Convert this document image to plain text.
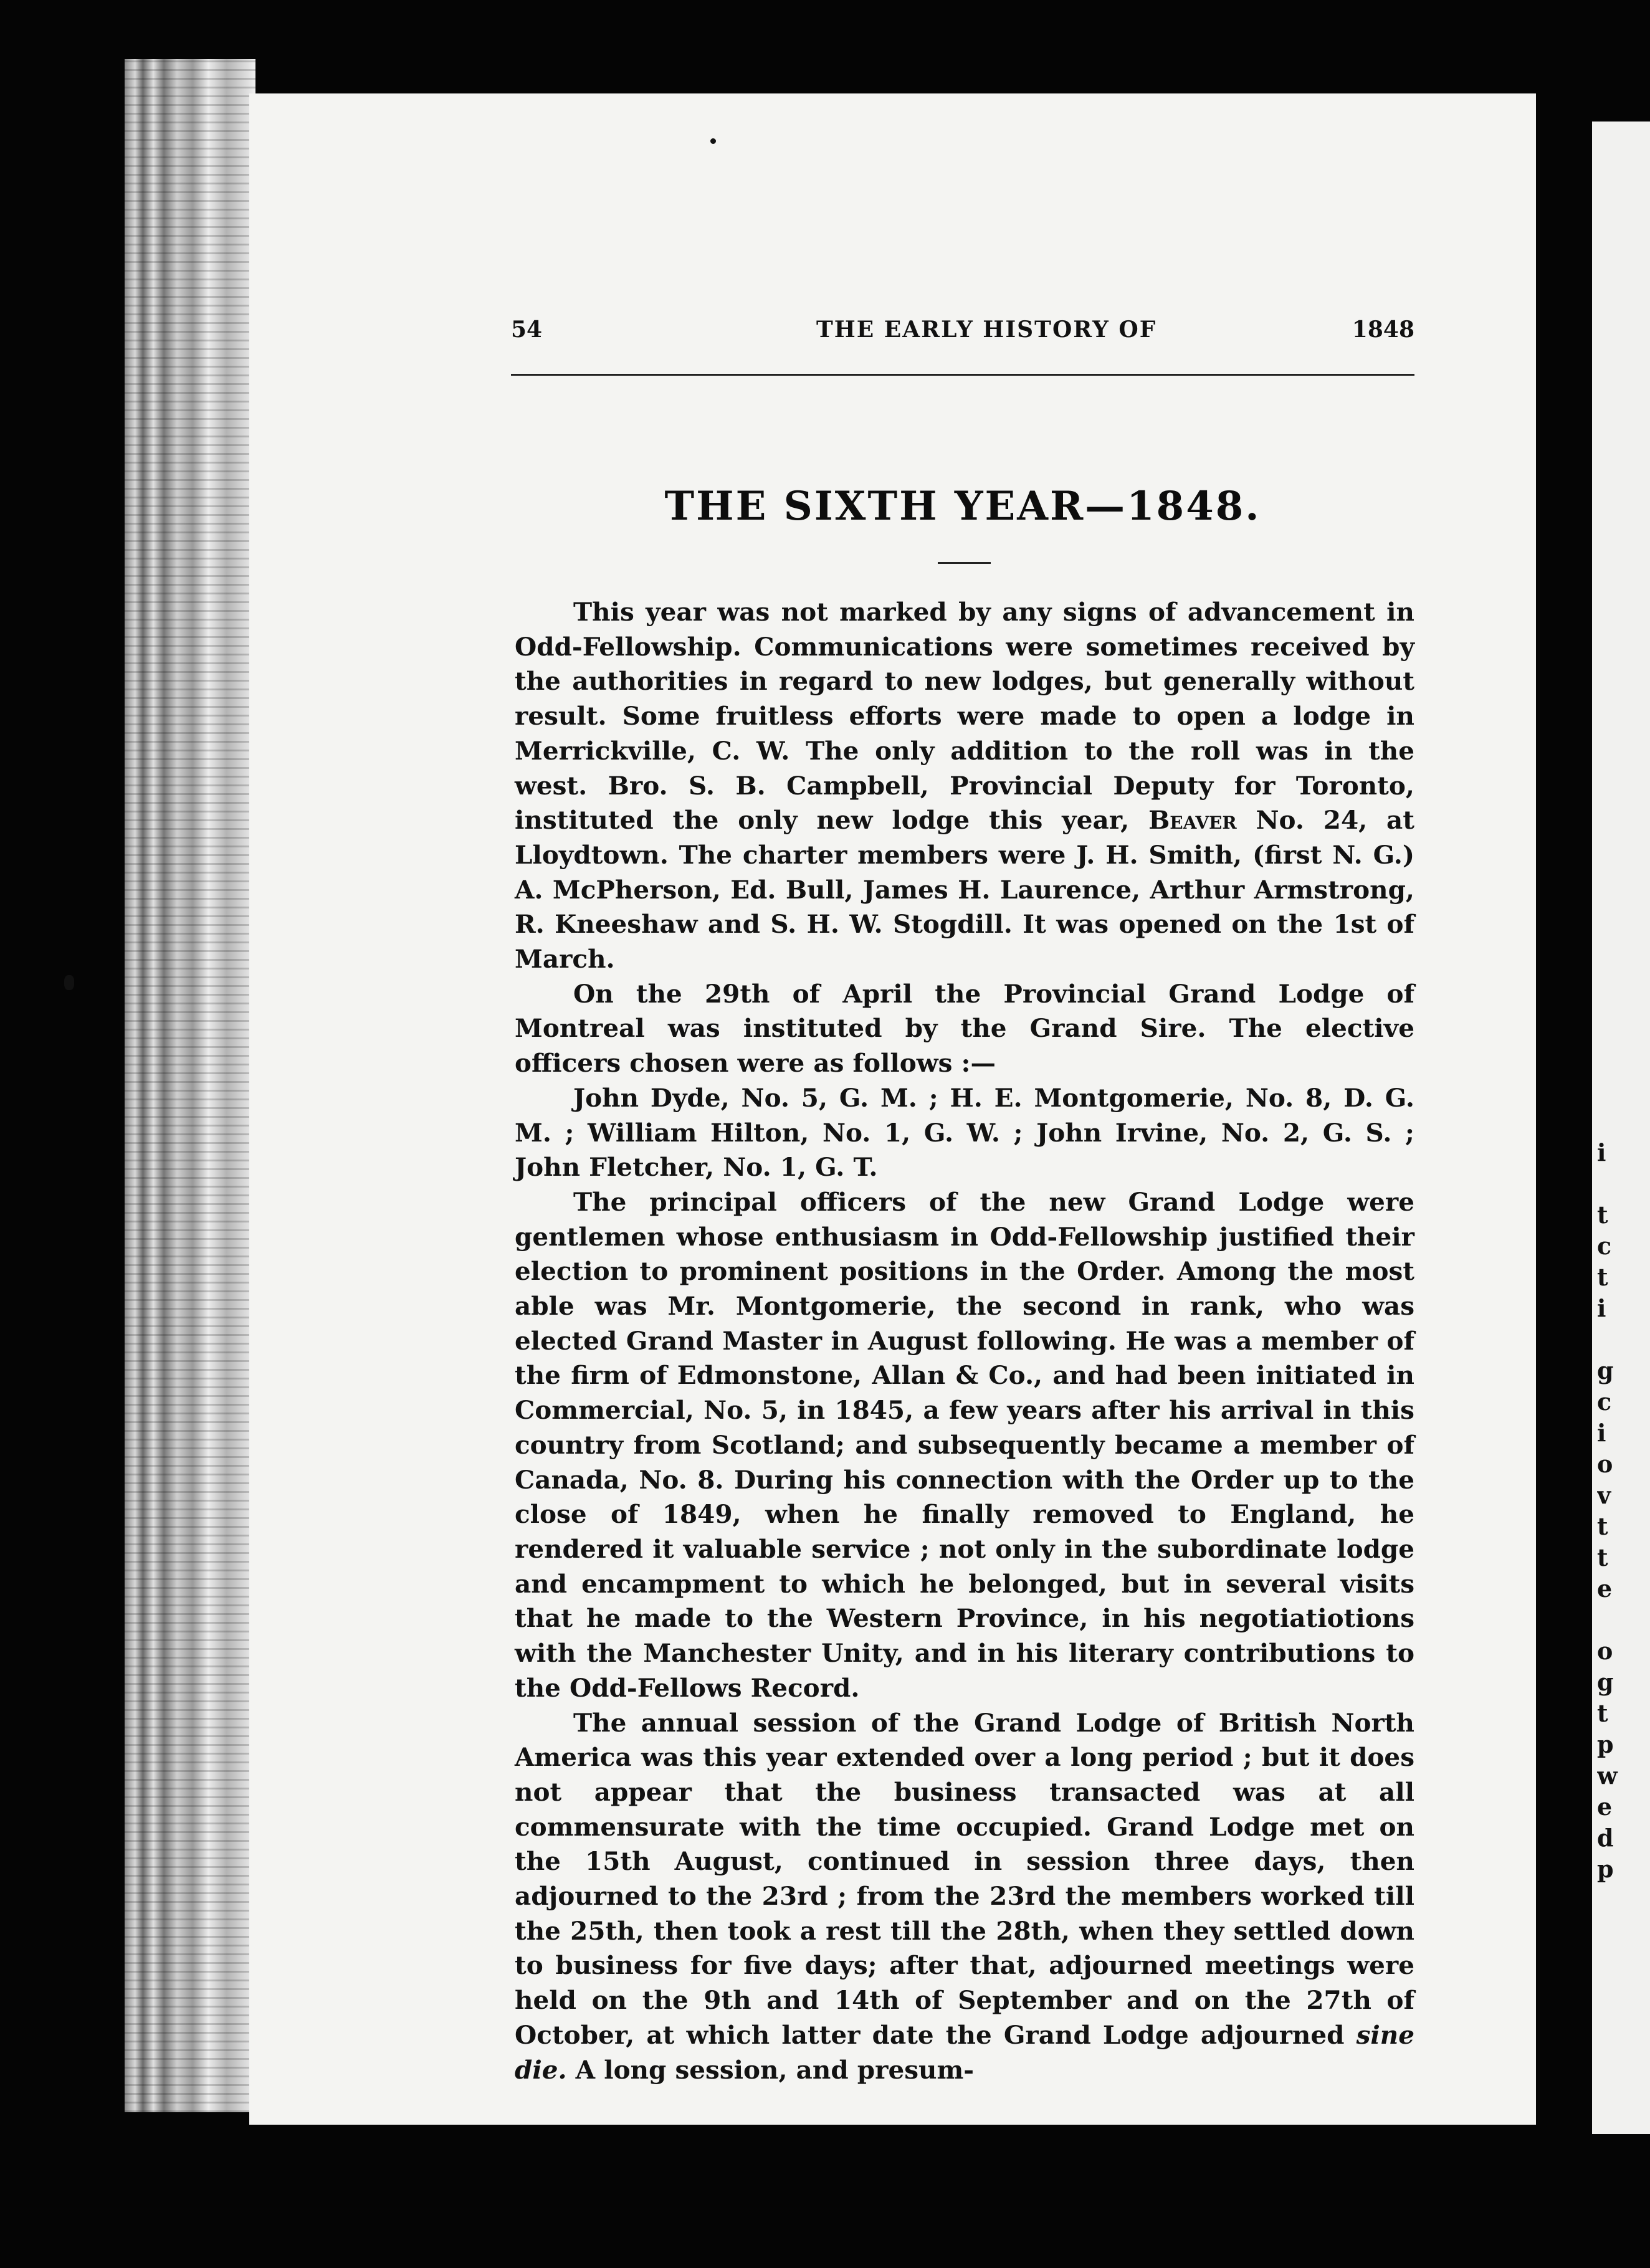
i
t
c
t
i
g
c
i
o
v
t
t
e
o
g
t
p
w
e
d
p
54	THE EARLY HISTORY OF	1848
THE SIXTH YEAR—1848.

This year was not marked by any signs of advancement in Odd-Fellowship. Communications were sometimes received by the authorities in regard to new lodges, but generally without result. Some fruitless efforts were made to open a lodge in Merrickville, C. W. The only addition to the roll was in the west. Bro. S. B. Campbell, Provincial Deputy for Toronto, instituted the only new lodge this year, Beaver No. 24, at Lloydtown. The charter members were J. H. Smith, (first N. G.) A. McPherson, Ed. Bull, James H. Laurence, Arthur Armstrong, R. Kneeshaw and S. H. W. Stogdill. It was opened on the 1st of March.

On the 29th of April the Provincial Grand Lodge of Montreal was instituted by the Grand Sire. The elective officers chosen were as follows :—

John Dyde, No. 5, G. M. ; H. E. Montgomerie, No. 8, D. G. M. ; William Hilton, No. 1, G. W. ; John Irvine, No. 2, G. S. ; John Fletcher, No. 1, G. T.

The principal officers of the new Grand Lodge were gentlemen whose enthusiasm in Odd-Fellowship justified their election to prominent positions in the Order. Among the most able was Mr. Montgomerie, the second in rank, who was elected Grand Master in August following. He was a member of the firm of Edmonstone, Allan & Co., and had been initiated in Commercial, No. 5, in 1845, a few years after his arrival in this country from Scotland; and subsequently became a member of Canada, No. 8. During his connection with the Order up to the close of 1849, when he finally removed to England, he rendered it valuable service ; not only in the subordinate lodge and encampment to which he belonged, but in several visits that he made to the Western Province, in his negotiatiotions with the Manchester Unity, and in his literary contributions to the Odd-Fellows Record.

The annual session of the Grand Lodge of British North America was this year extended over a long period ; but it does not appear that the business transacted was at all commensurate with the time occupied. Grand Lodge met on the 15th August, continued in session three days, then adjourned to the 23rd ; from the 23rd the members worked till the 25th, then took a rest till the 28th, when they settled down to business for five days; after that, adjourned meetings were held on the 9th and 14th of September and on the 27th of October, at which latter date the Grand Lodge adjourned sine die. A long session, and presum-
